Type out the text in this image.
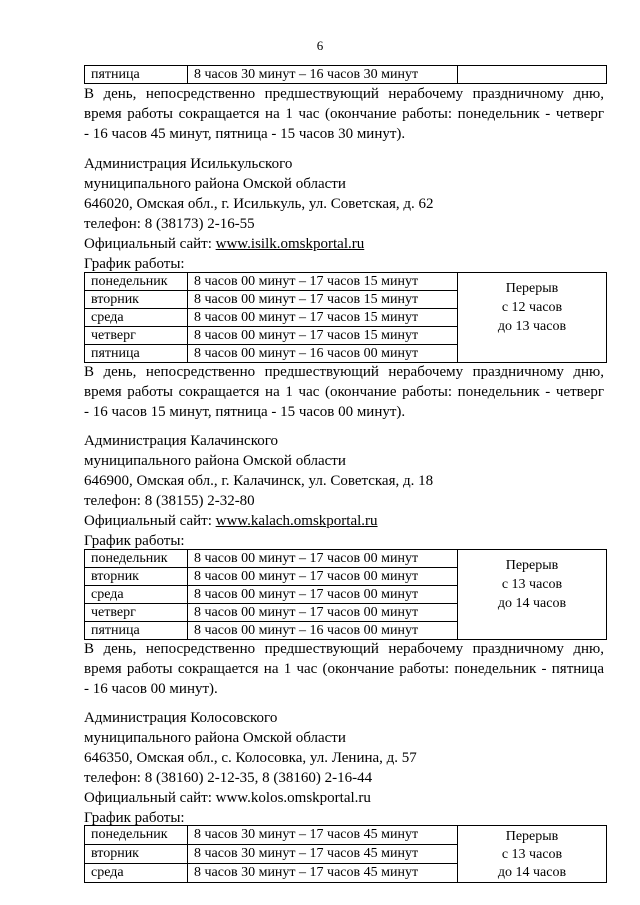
6
пятница	8 часов 30 минут – 16 часов 30 минут	
В день, непосредственно предшествующий нерабочему праздничному дню,
время работы сокращается на 1 час (окончание работы: понедельник - четверг
- 16 часов 45 минут, пятница - 15 часов 30 минут).
Администрация Исилькульского
муниципального района Омской области
646020, Омская обл., г. Исилькуль, ул. Советская, д. 62
телефон: 8 (38173) 2-16-55
Официальный сайт: www.isilk.omskportal.ru
График работы:
понедельник	8 часов 00 минут – 17 часов 15 минут	Перерыв
с 12 часов
до 13 часов

вторник	8 часов 00 минут – 17 часов 15 минут	
среда	8 часов 00 минут – 17 часов 15 минут	
четверг	8 часов 00 минут – 17 часов 15 минут	
пятница	8 часов 00 минут – 16 часов 00 минут	
В день, непосредственно предшествующий нерабочему праздничному дню,
время работы сокращается на 1 час (окончание работы: понедельник - четверг
- 16 часов 15 минут, пятница - 15 часов 00 минут).
Администрация Калачинского
муниципального района Омской области
646900, Омская обл., г. Калачинск, ул. Советская, д. 18
телефон: 8 (38155) 2-32-80
Официальный сайт: www.kalach.omskportal.ru
График работы:
понедельник	8 часов 00 минут – 17 часов 00 минут	Перерыв
с 13 часов
до 14 часов

вторник	8 часов 00 минут – 17 часов 00 минут	
среда	8 часов 00 минут – 17 часов 00 минут	
четверг	8 часов 00 минут – 17 часов 00 минут	
пятница	8 часов 00 минут – 16 часов 00 минут	
В день, непосредственно предшествующий нерабочему праздничному дню,
время работы сокращается на 1 час (окончание работы: понедельник - пятница
- 16 часов 00 минут).
Администрация Колосовского
муниципального района Омской области
646350, Омская обл., с. Колосовка, ул. Ленина, д. 57
телефон: 8 (38160) 2-12-35, 8 (38160) 2-16-44
Официальный сайт: www.kolos.omskportal.ru
График работы:
понедельник	8 часов 30 минут – 17 часов 45 минут	Перерыв
с 13 часов
до 14 часов

вторник	8 часов 30 минут – 17 часов 45 минут	
среда	8 часов 30 минут – 17 часов 45 минут	
